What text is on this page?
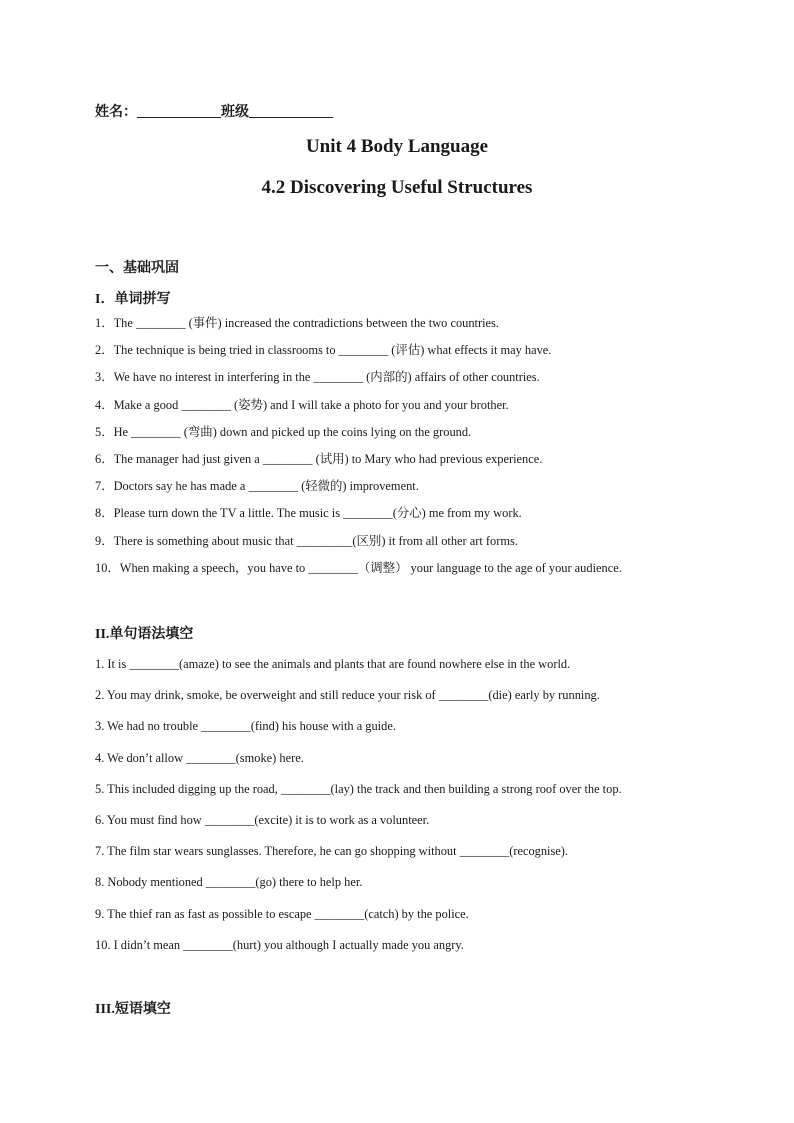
姓名：____________班级____________
Unit 4 Body Language
4.2 Discovering Useful Structures
一、基础巩固
I．单词拼写
1．The ________ (事件) increased the contradictions between the two countries.
2．The technique is being tried in classrooms to ________ (评估) what effects it may have.
3．We have no interest in interfering in the ________ (内部的) affairs of other countries.
4．Make a good ________ (姿势) and I will take a photo for you and your brother.
5．He ________ (弯曲) down and picked up the coins lying on the ground.
6．The manager had just given a ________ (试用) to Mary who had previous experience.
7．Doctors say he has made a ________ (轻微的) improvement.
8．Please turn down the TV a little. The music is ________(分心) me from my work.
9．There is something about music that _________(区别) it from all other art forms.
10．When making a speech，you have to ________（调整） your language to the age of your audience.
II.单句语法填空
1. It is ________(amaze) to see the animals and plants that are found nowhere else in the world.
2. You may drink, smoke, be overweight and still reduce your risk of ________(die) early by running.
3. We had no trouble ________(find) his house with a guide.
4. We don’t allow ________(smoke) here.
5. This included digging up the road, ________(lay) the track and then building a strong roof over the top.
6. You must find how ________(excite) it is to work as a volunteer.
7. The film star wears sunglasses. Therefore, he can go shopping without ________(recognise).
8. Nobody mentioned ________(go) there to help her.
9. The thief ran as fast as possible to escape ________(catch) by the police.
10. I didn’t mean ________(hurt) you although I actually made you angry.
III.短语填空
